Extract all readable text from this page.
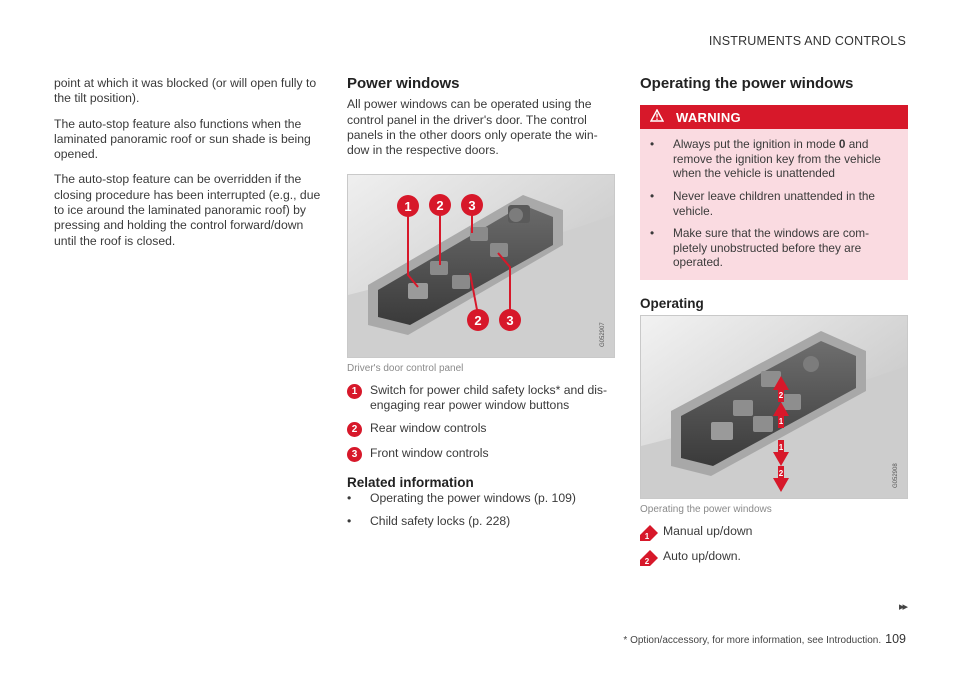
INSTRUMENTS AND CONTROLS

point at which it was blocked (or will open fully to the tilt position).

The auto-stop feature also functions when the laminated panoramic roof or sun shade is being opened.

The auto-stop feature can be overridden if the closing procedure has been interrupted (e.g., due to ice around the laminated panoramic roof) by pressing and holding the control forward/down until the roof is closed.

Power windows

All power windows can be operated using the control panel in the driver's door. The control panels in the other doors only operate the win-dow in the respective doors.

1 2 3
2 3
G052907
Driver's door control panel
1	Switch for power child safety locks* and dis-engaging rear power window buttons
2	Rear window controls
3	Front window controls
Related information
•	Operating the power windows (p. 109)
•	Child safety locks (p. 228)
Operating the power windows
WARNING
•	Always put the ignition in mode 0 and remove the ignition key from the vehicle when the vehicle is unattended
•	Never leave children unattended in the vehicle.
•	Make sure that the windows are com-pletely unobstructed before they are operated.
Operating
2
1
1
2	G052908
Operating the power windows
1 Manual up/down
2 Auto up/down.
▸▸
* Option/accessory, for more information, see Introduction. 109
